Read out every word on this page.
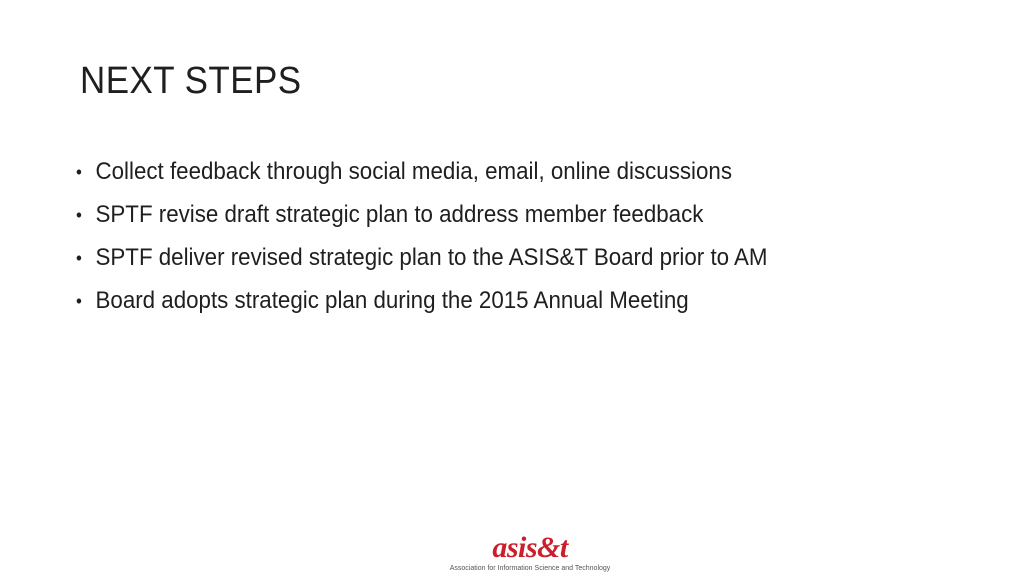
NEXT STEPS
• Collect feedback through social media, email, online discussions
• SPTF revise draft strategic plan to address member feedback
• SPTF deliver revised strategic plan to the ASIS&T Board prior to AM
• Board adopts strategic plan during the 2015 Annual Meeting
asis&t
Association for Information Science and Technology
